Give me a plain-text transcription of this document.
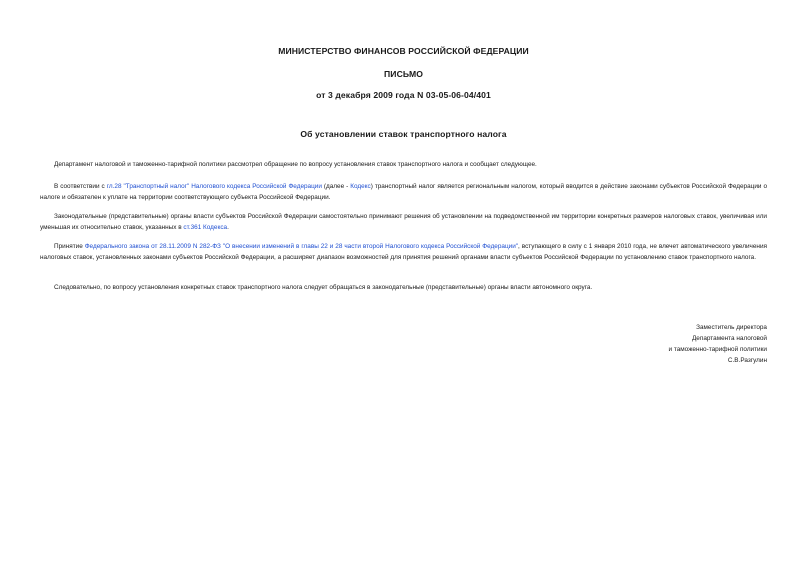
МИНИСТЕРСТВО ФИНАНСОВ РОССИЙСКОЙ ФЕДЕРАЦИИ
ПИСЬМО
от 3 декабря 2009 года N 03-05-06-04/401
Об установлении ставок транспортного налога

Департамент налоговой и таможенно-тарифной политики рассмотрел обращение по вопросу установления ставок транспортного налога и сообщает следующее.

В соответствии с гл.28 "Транспортный налог" Налогового кодекса Российской Федерации (далее - Кодекс) транспортный налог является региональным налогом, который вводится в действие законами субъектов Российской Федерации о налоге и обязателен к уплате на территории соответствующего субъекта Российской Федерации.

Законодательные (представительные) органы власти субъектов Российской Федерации самостоятельно принимают решения об установлении на подведомственной им территории конкретных размеров налоговых ставок, увеличивая или уменьшая их относительно ставок, указанных в ст.361 Кодекса.

Принятие Федерального закона от 28.11.2009 N 282-ФЗ "О внесении изменений в главы 22 и 28 части второй Налогового кодекса Российской Федерации", вступающего в силу с 1 января 2010 года, не влечет автоматического увеличения налоговых ставок, установленных законами субъектов Российской Федерации, а расширяет диапазон возможностей для принятия решений органами власти субъектов Российской Федерации по установлению ставок транспортного налога.

Следовательно, по вопросу установления конкретных ставок транспортного налога следует обращаться в законодательные (представительные) органы власти автономного округа.

Заместитель директора
Департамента налоговой
и таможенно-тарифной политики
С.В.Разгулин
